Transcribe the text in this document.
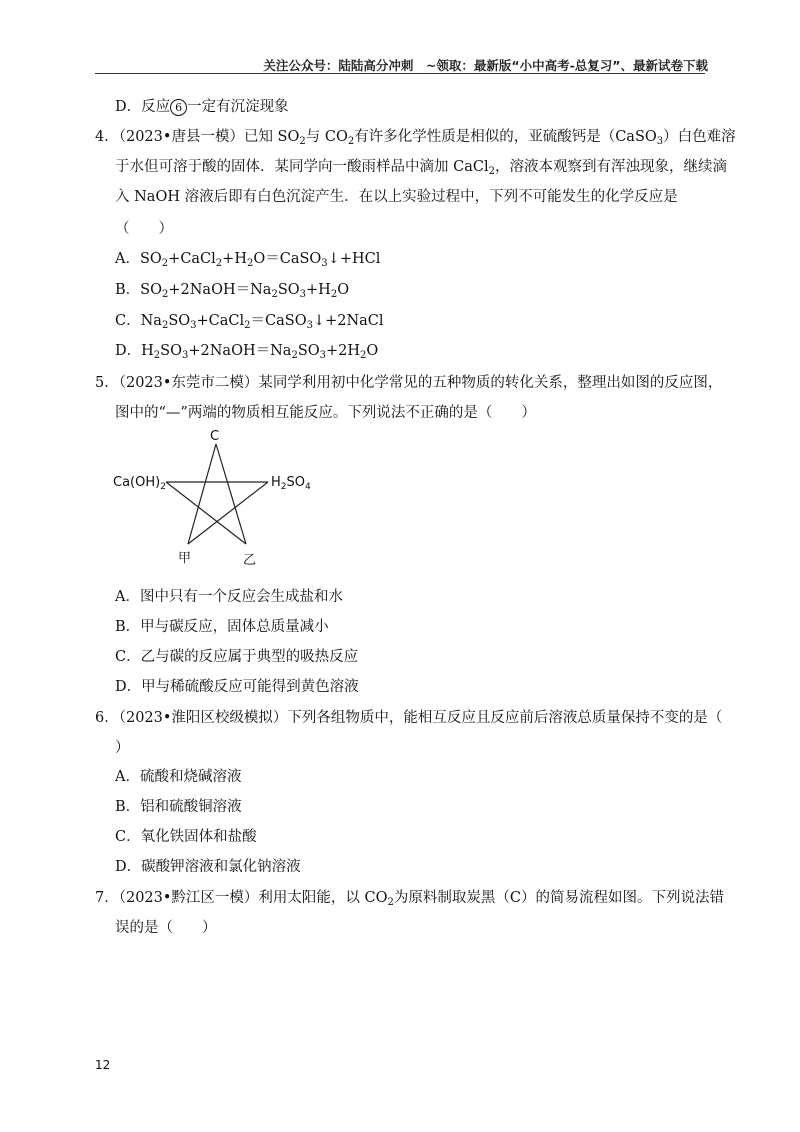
关注公众号：陆陆高分冲刺　~领取：最新版“小中高考-总复习”、最新试卷下载
D．反应 6 一定有沉淀现象
4．（2023•唐县一模）已知 $SO_2$与 $CO_2$有许多化学性质是相似的，亚硫酸钙是（CaSO$_3$）白色难溶
于水但可溶于酸的固体．某同学向一酸雨样品中滴加 CaCl$_2$，溶液本观察到有浑浊现象，继续滴
入 NaOH 溶液后即有白色沉淀产生．在以上实验过程中，下列不可能发生的化学反应是
（　　）
A．$SO_2+CaCl_2+H_2O=CaSO_3↓+HCl$
B．$SO_2+2NaOH=Na_2SO_3+H_2O$
C．$Na_2SO_3+CaCl_2=CaSO_3↓+2NaCl$
D．$H_2SO_3+2NaOH=Na_2SO_3+2H_2O$
5．（2023•东莞市二模）某同学利用初中化学常见的五种物质的转化关系，整理出如图的反应图，
图中的“—”两端的物质相互能反应。下列说法不正确的是（　　）
C
$Ca(OH)_2$	$H_2SO_4$
甲	乙
A．图中只有一个反应会生成盐和水
B．甲与碳反应，固体总质量减小
C．乙与碳的反应属于典型的吸热反应
D．甲与稀硫酸反应可能得到黄色溶液
6．（2023•淮阳区校级模拟）下列各组物质中，能相互反应且反应前后溶液总质量保持不变的是（
）
A．硫酸和烧碱溶液
B．铝和硫酸铜溶液
C．氧化铁固体和盐酸
D．碳酸钾溶液和氯化钠溶液
7．（2023•黔江区一模）利用太阳能，以 $CO_2$为原料制取炭黑（C）的简易流程如图。下列说法错
误的是（　　）
12
